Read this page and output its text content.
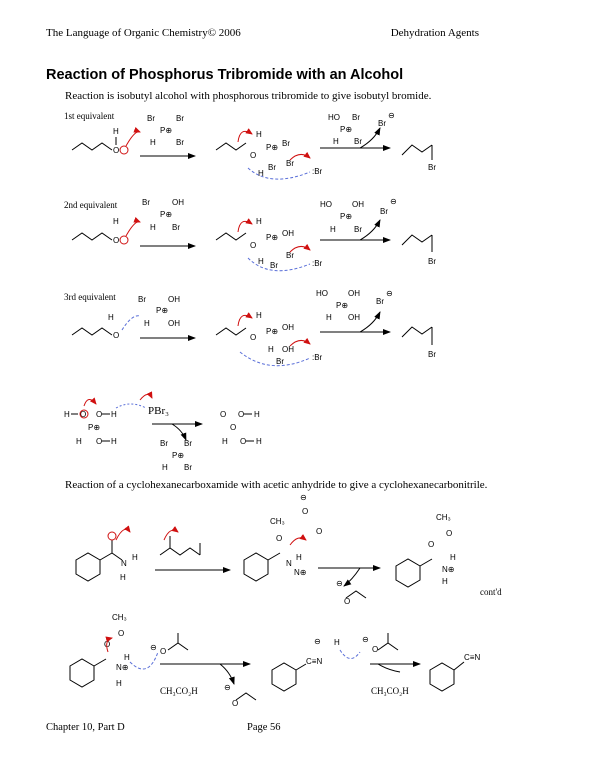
The Language of Organic Chemistry© 2006	Dehydration Agents
Reaction of Phosphorus Tribromide with an Alcohol
Reaction is isobutyl alcohol with phosphorous tribromide to give isobutyl bromide.
1st equivalent
2nd equivalent
3rd equivalent
PBr₃
Reaction of a cyclohexanecarboxamide with acetic anhydride to give a cyclohexanecarbonitrile.
cont'd
CH₃CO₂H	CH₃CO₂H
Chapter 10, Part D	Page 56
O
H
Br	Br
P⊕
H	Br
O
H
P⊕ Br
Br Br
H	:Br
HO Br
P⊕
H Br
Br
⊖
Br
O
H
Br	OH
P⊕
H Br
O
H
P⊕ OH
Br
Br
H	:Br
HO	OH
P⊕
H Br
Br
⊖
Br
O
H
Br	OH
P⊕
H OH
O
H
P⊕ OH
H OH
Br	:Br
HO	OH
P⊕
H OH
Br
⊖
Br
H O O H
P⊕
H O H	Br Br
P⊕
H Br
O O H
O
H O H
N
H
H
O
CH₃
⊖
O
O
N
H
N⊕
⊖
O
O
CH₃
O
N⊕
H
H
O
CH₃
O
N⊕
H
H
⊖ O
⊖
O
C≡N
⊖ H	⊖
O
C≡N
